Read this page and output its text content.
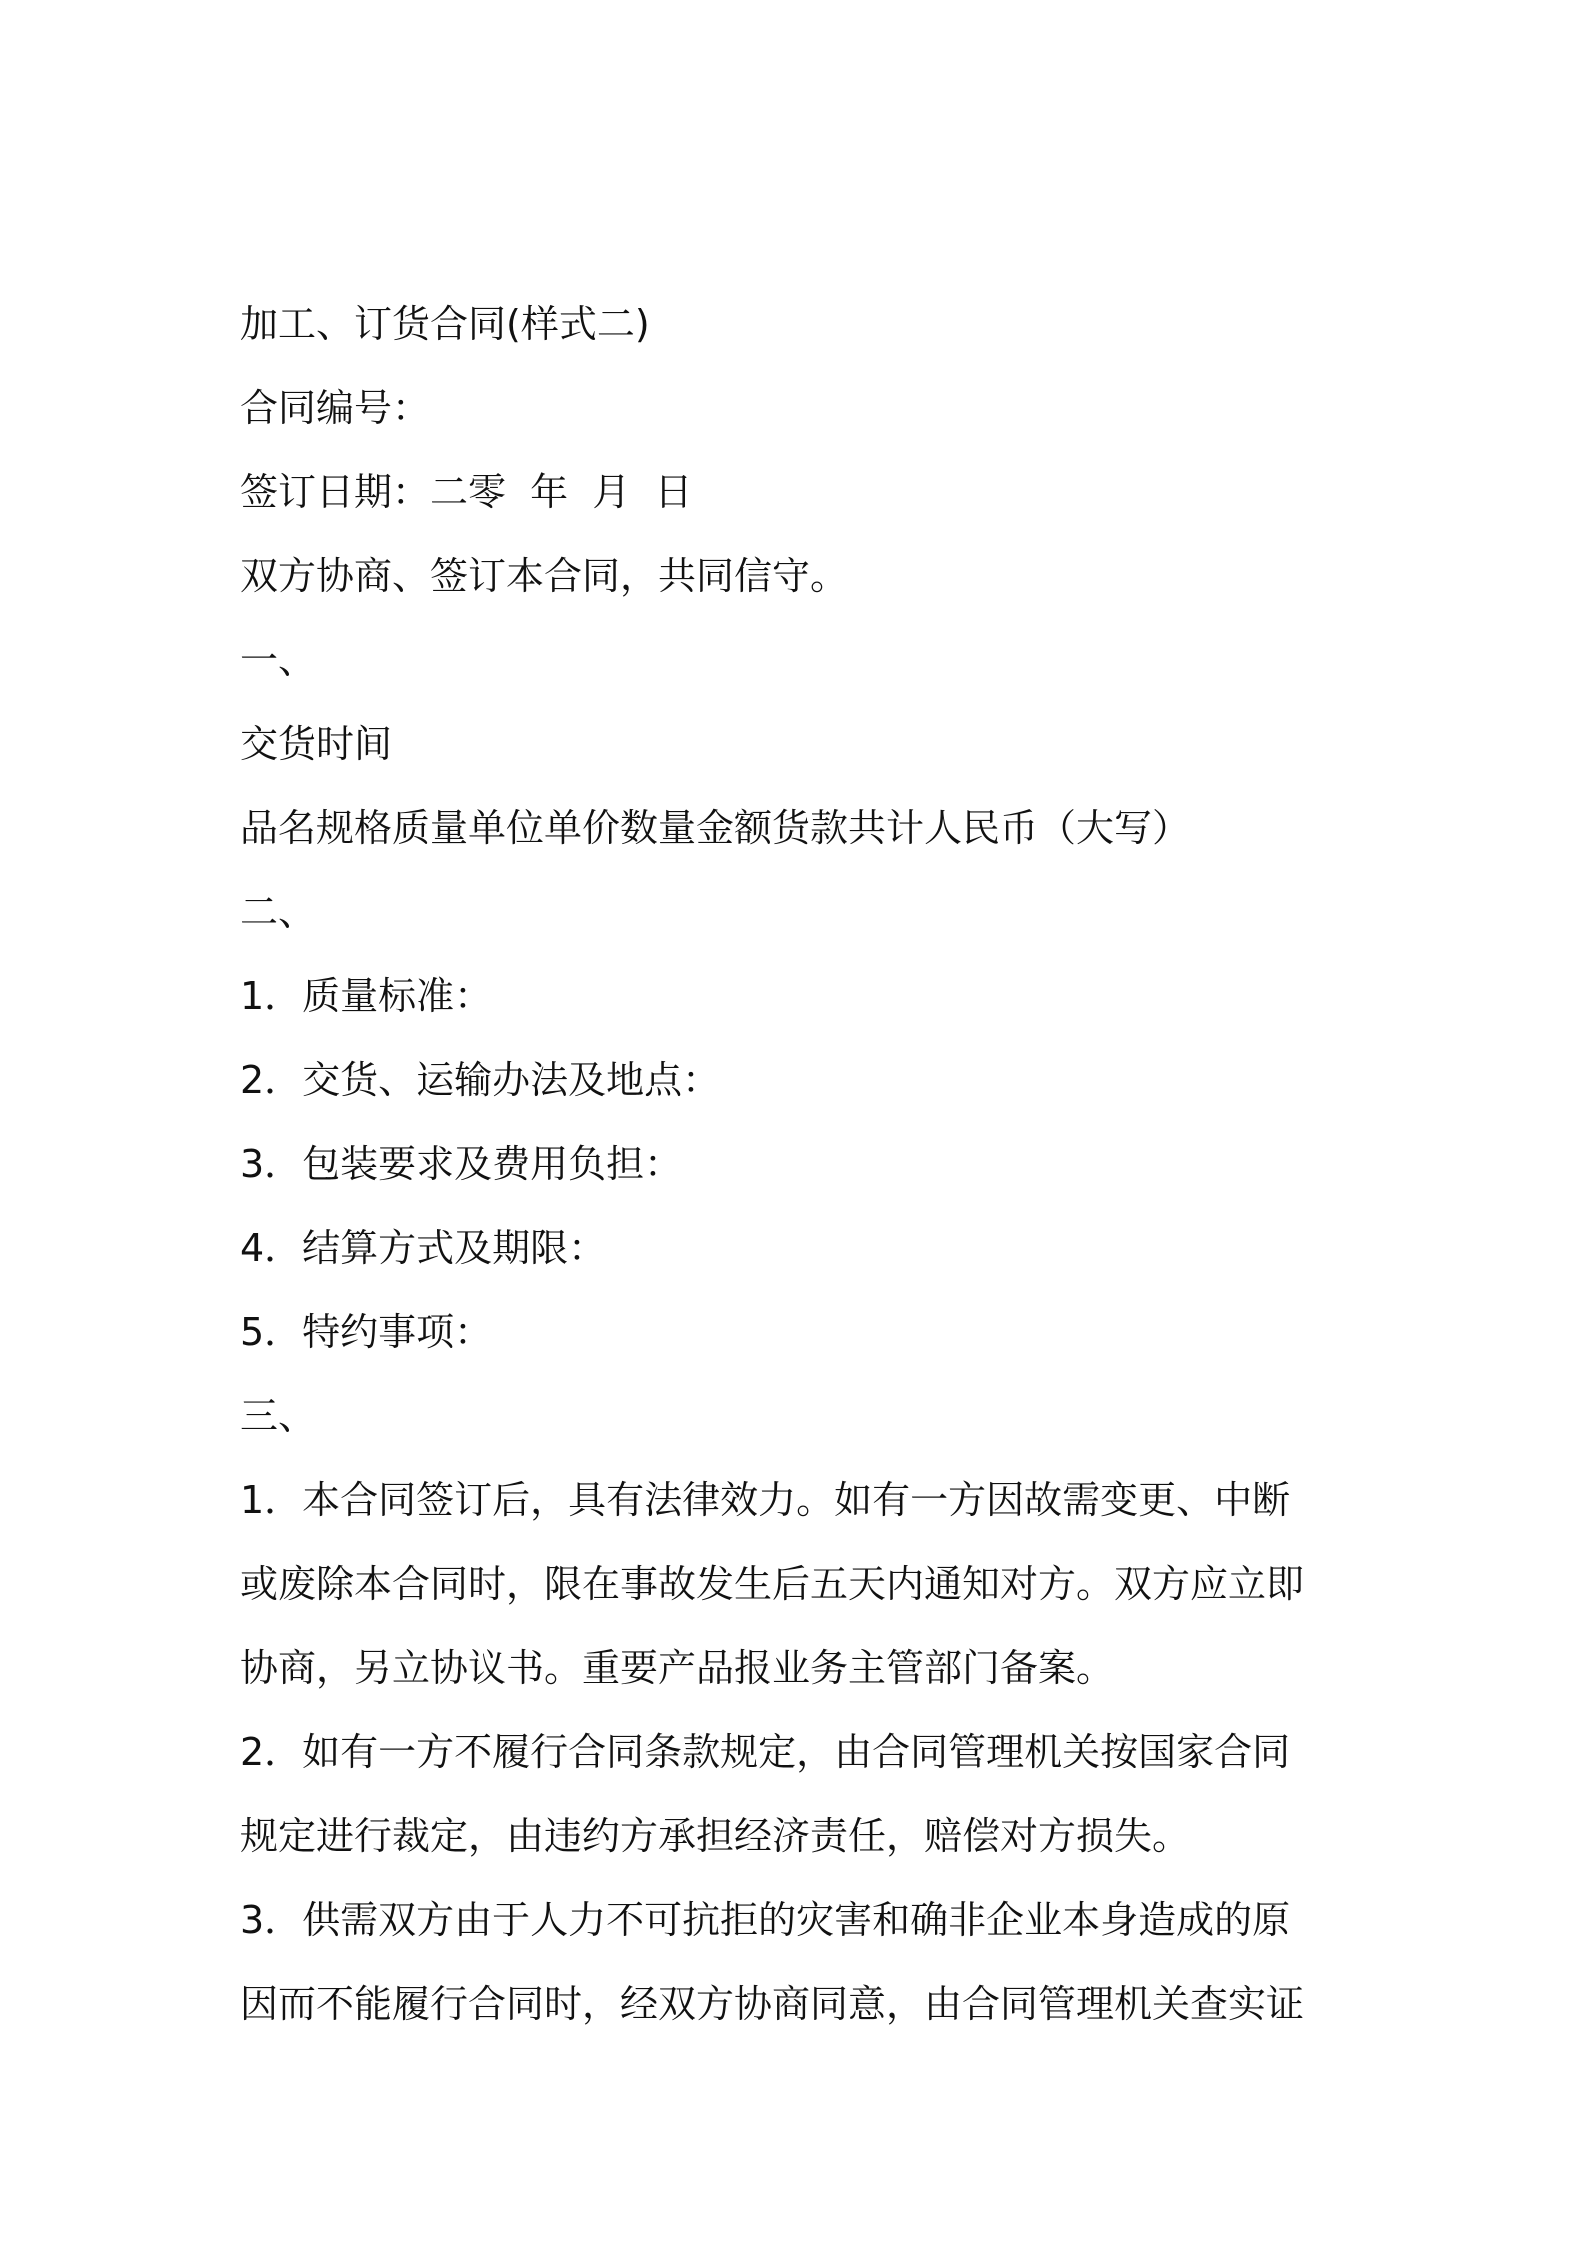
加工、订货合同(样式二)
合同编号：
签订日期：二零  年  月  日
双方协商、签订本合同，共同信守。
一、
交货时间
品名规格质量单位单价数量金额货款共计人民币（大写）
二、
1．质量标准：
2．交货、运输办法及地点：
3．包装要求及费用负担：
4．结算方式及期限：
5．特约事项：
三、
1．本合同签订后，具有法律效力。如有一方因故需变更、中断
或废除本合同时，限在事故发生后五天内通知对方。双方应立即
协商，另立协议书。重要产品报业务主管部门备案。
2．如有一方不履行合同条款规定，由合同管理机关按国家合同
规定进行裁定，由违约方承担经济责任，赔偿对方损失。
3．供需双方由于人力不可抗拒的灾害和确非企业本身造成的原
因而不能履行合同时，经双方协商同意，由合同管理机关查实证
